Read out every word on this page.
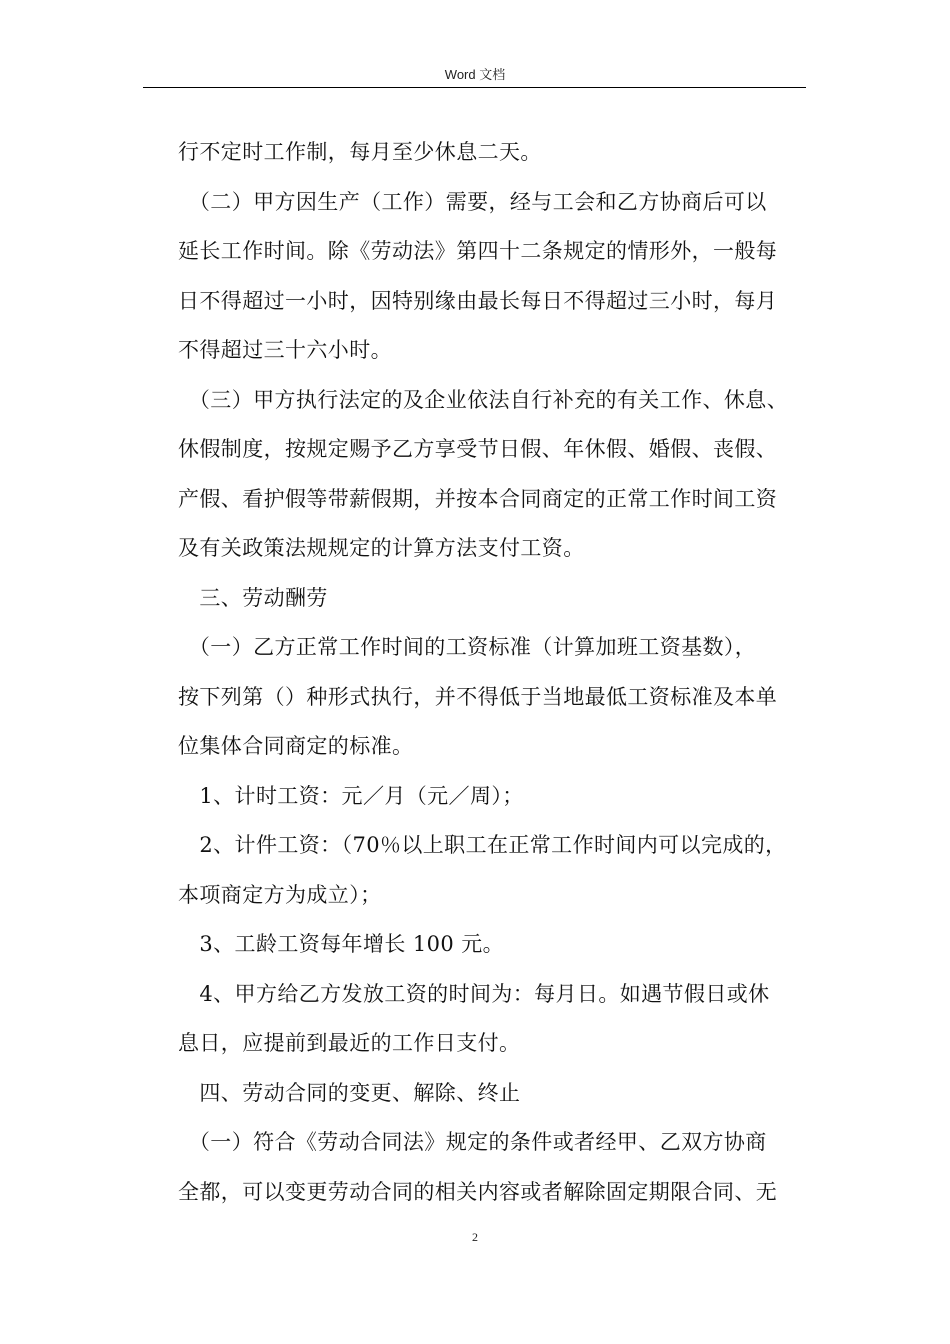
Word 文档

行不定时工作制，每月至少休息二天。

　（二）甲方因生产（工作）需要，经与工会和乙方协商后可以

延长工作时间。除《劳动法》第四十二条规定的情形外，一般每

日不得超过一小时，因特别缘由最长每日不得超过三小时，每月

不得超过三十六小时。

　（三）甲方执行法定的及企业依法自行补充的有关工作、休息、

休假制度，按规定赐予乙方享受节日假、年休假、婚假、丧假、

产假、看护假等带薪假期，并按本合同商定的正常工作时间工资

及有关政策法规规定的计算方法支付工资。

　三、劳动酬劳

　（一）乙方正常工作时间的工资标准（计算加班工资基数），

按下列第（）种形式执行，并不得低于当地最低工资标准及本单

位集体合同商定的标准。

　1、计时工资：元／月（元／周）；

　2、计件工资：（70％以上职工在正常工作时间内可以完成的，

本项商定方为成立）；

　3、工龄工资每年增长 100 元。

　4、甲方给乙方发放工资的时间为：每月日。如遇节假日或休

息日，应提前到最近的工作日支付。

　四、劳动合同的变更、解除、终止

　（一）符合《劳动合同法》规定的条件或者经甲、乙双方协商

全都，可以变更劳动合同的相关内容或者解除固定期限合同、无

2
